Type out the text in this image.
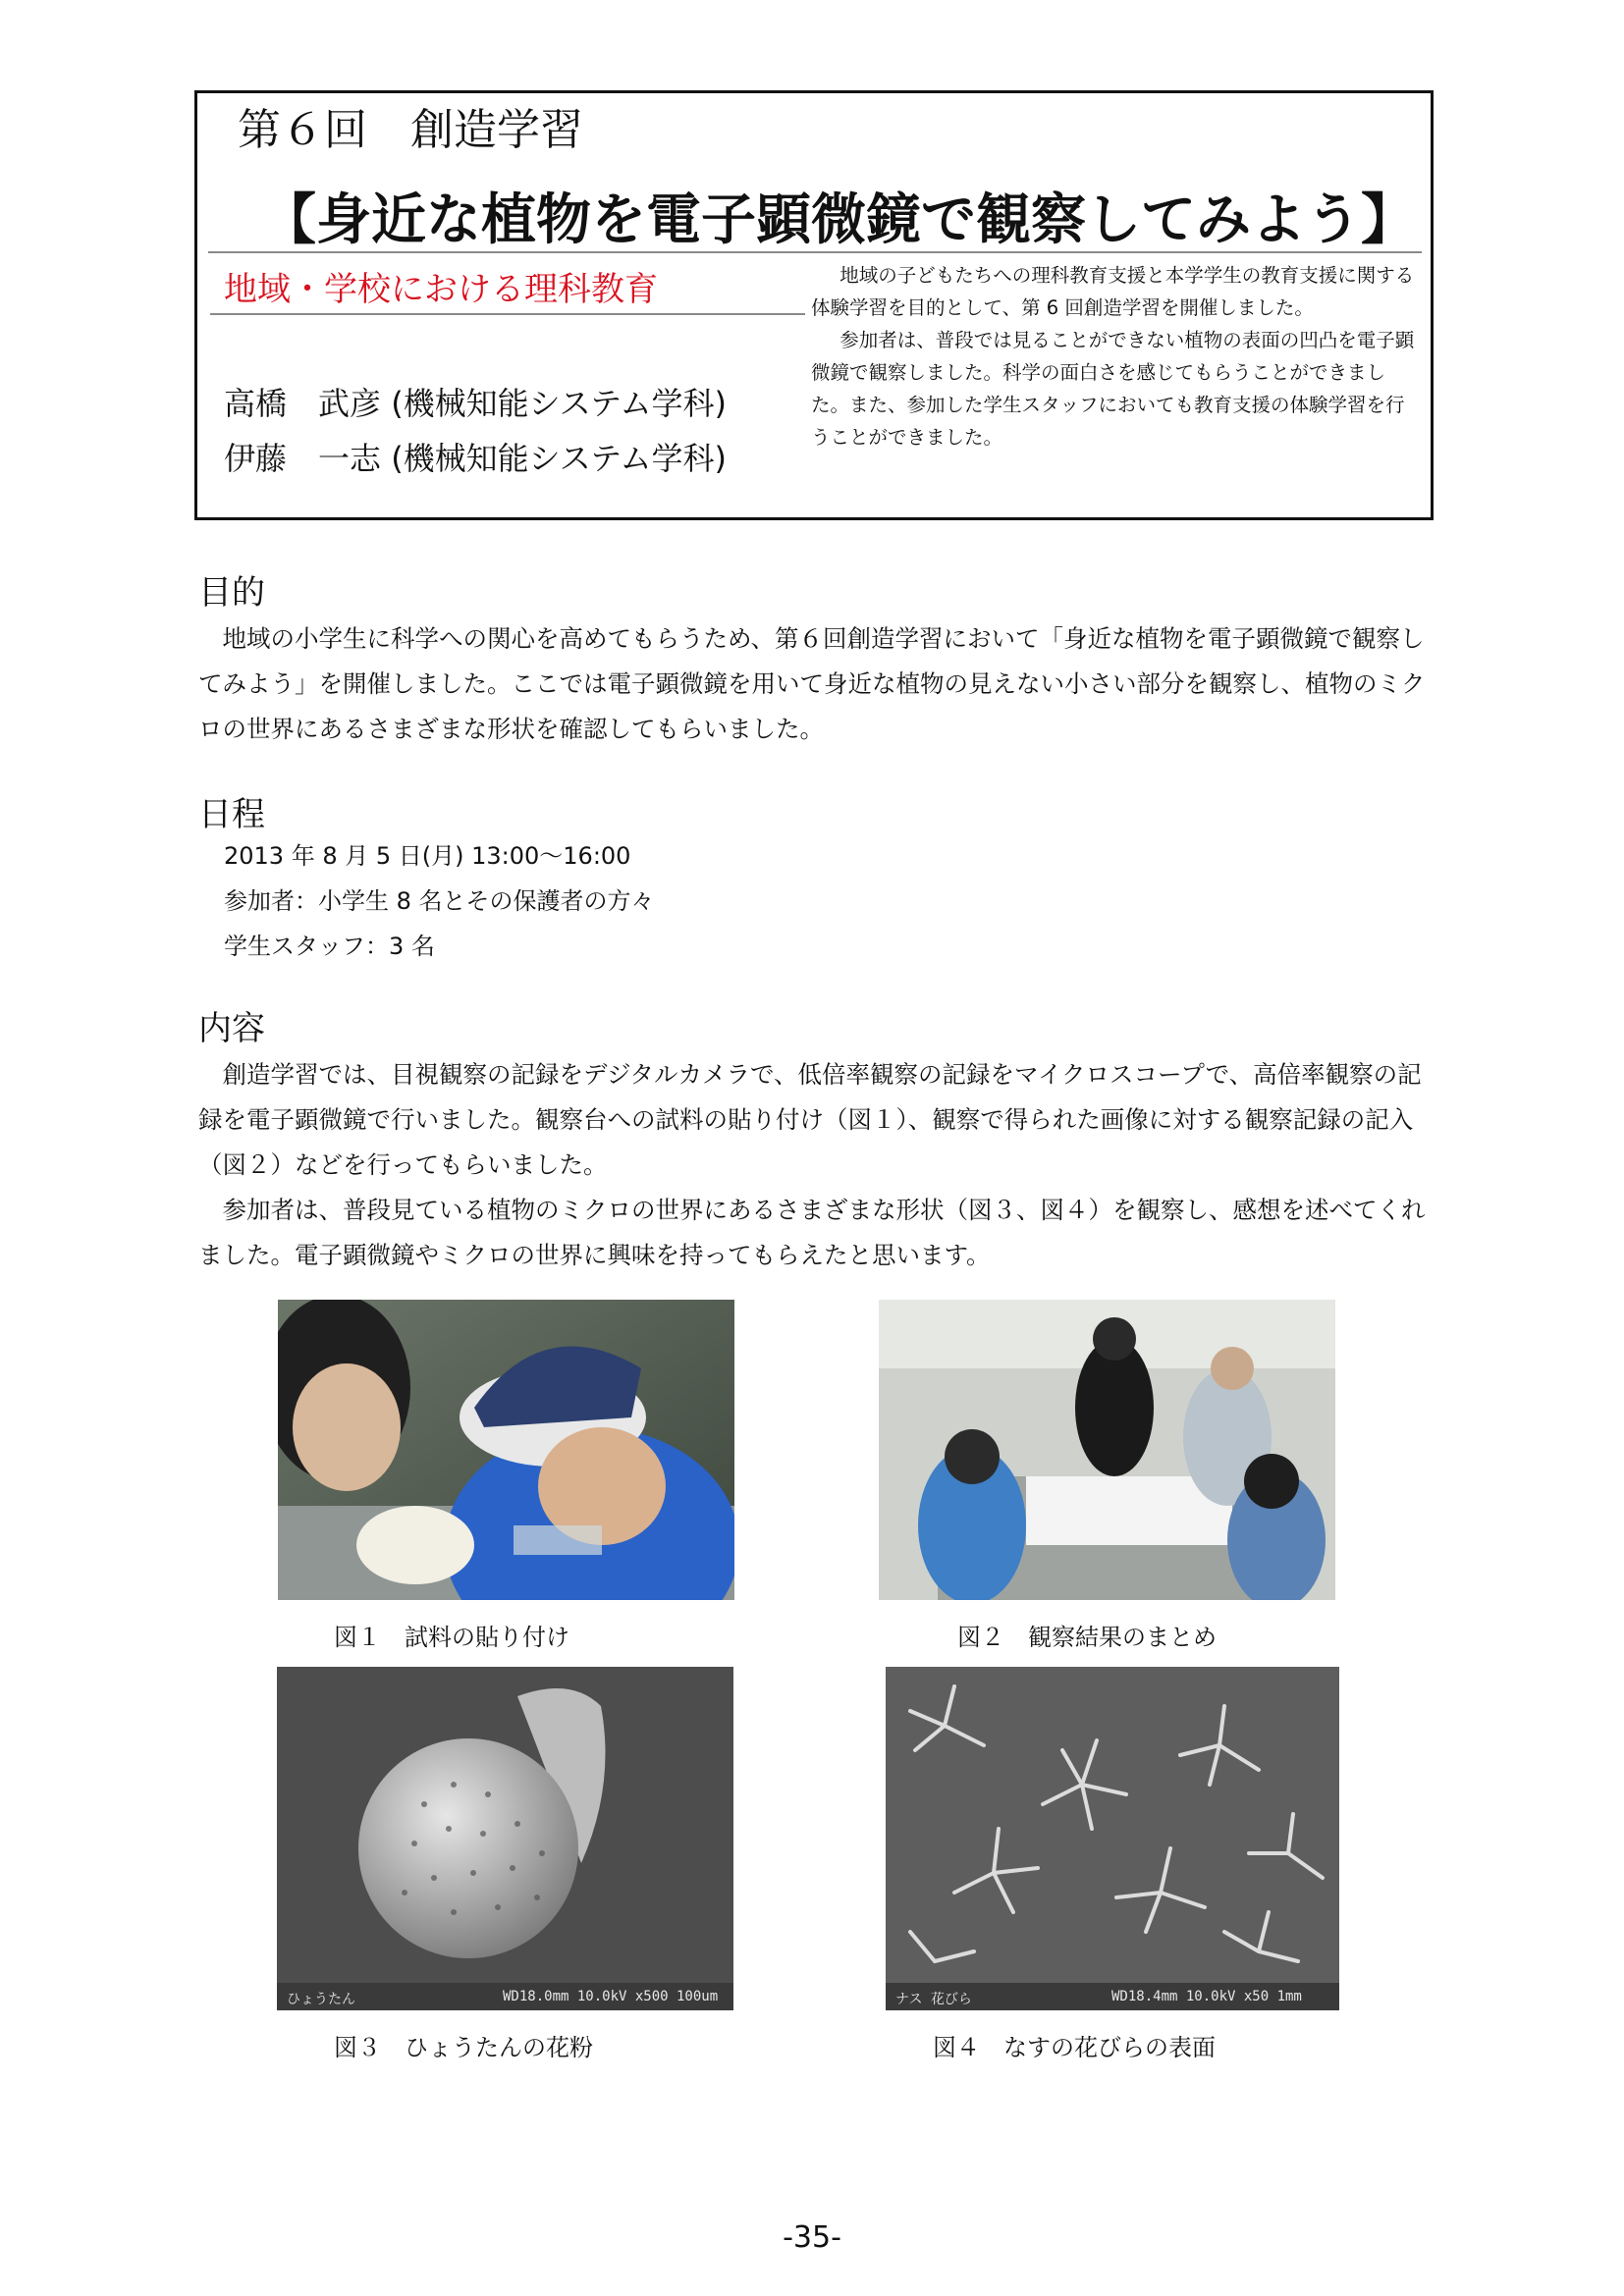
第６回　創造学習
【身近な植物を電子顕微鏡で観察してみよう】
地域・学校における理科教育
高橋　武彦 (機械知能システム学科)
伊藤　一志 (機械知能システム学科)

地域の子どもたちへの理科教育支援と本学学生の教育支援に関する体験学習を目的として、第 6 回創造学習を開催しました。

参加者は、普段では見ることができない植物の表面の凹凸を電子顕微鏡で観察しました。科学の面白さを感じてもらうことができました。また、参加した学生スタッフにおいても教育支援の体験学習を行うことができました。

目的

地域の小学生に科学への関心を高めてもらうため、第６回創造学習において「身近な植物を電子顕微鏡で観察してみよう」を開催しました。ここでは電子顕微鏡を用いて身近な植物の見えない小さい部分を観察し、植物のミクロの世界にあるさまざまな形状を確認してもらいました。

日程
2013 年 8 月 5 日(月) 13:00～16:00
参加者：小学生 8 名とその保護者の方々
学生スタッフ：3 名
内容

創造学習では、目視観察の記録をデジタルカメラで、低倍率観察の記録をマイクロスコープで、高倍率観察の記録を電子顕微鏡で行いました。観察台への試料の貼り付け（図１）、観察で得られた画像に対する観察記録の記入（図２）などを行ってもらいました。

参加者は、普段見ている植物のミクロの世界にあるさまざまな形状（図３、図４）を観察し、感想を述べてくれました。電子顕微鏡やミクロの世界に興味を持ってもらえたと思います。

図１　試料の貼り付け	図２　観察結果のまとめ
ひょうたん	WD18.0mm 10.0kV x500 100um
図３　ひょうたんの花粉
ナス 花びら	WD18.4mm 10.0kV x50 1mm
図４　なすの花びらの表面
-35-
